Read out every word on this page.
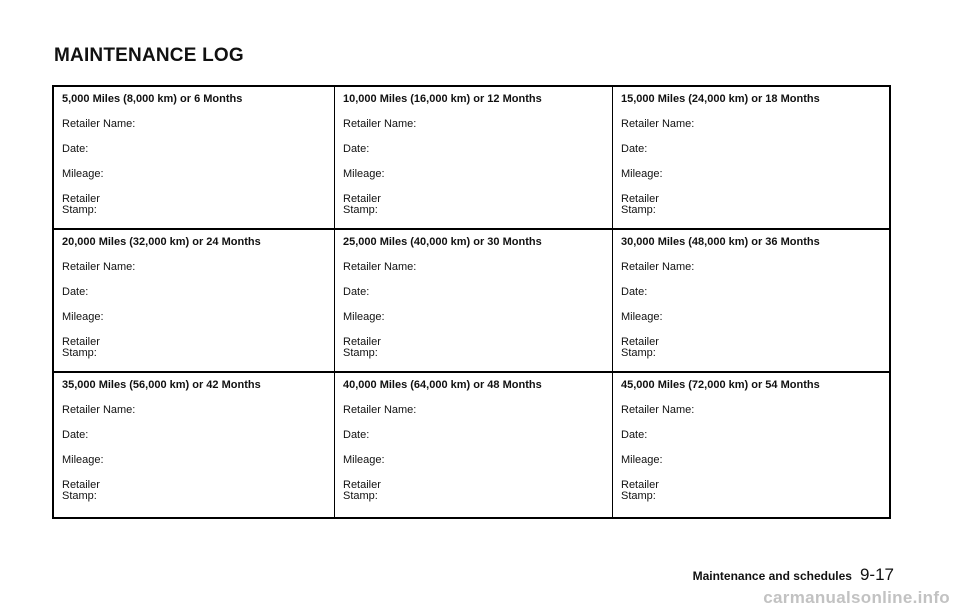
MAINTENANCE LOG
5,000 Miles (8,000 km) or 6 Months
Retailer Name:
Date:
Mileage:
Retailer
Stamp:
10,000 Miles (16,000 km) or 12 Months
Retailer Name:
Date:
Mileage:
Retailer
Stamp:
15,000 Miles (24,000 km) or 18 Months
Retailer Name:
Date:
Mileage:
Retailer
Stamp:
20,000 Miles (32,000 km) or 24 Months
Retailer Name:
Date:
Mileage:
Retailer
Stamp:
25,000 Miles (40,000 km) or 30 Months
Retailer Name:
Date:
Mileage:
Retailer
Stamp:
30,000 Miles (48,000 km) or 36 Months
Retailer Name:
Date:
Mileage:
Retailer
Stamp:
35,000 Miles (56,000 km) or 42 Months
Retailer Name:
Date:
Mileage:
Retailer
Stamp:
40,000 Miles (64,000 km) or 48 Months
Retailer Name:
Date:
Mileage:
Retailer
Stamp:
45,000 Miles (72,000 km) or 54 Months
Retailer Name:
Date:
Mileage:
Retailer
Stamp:
Maintenance and schedules 9-17
carmanualsonline.info
